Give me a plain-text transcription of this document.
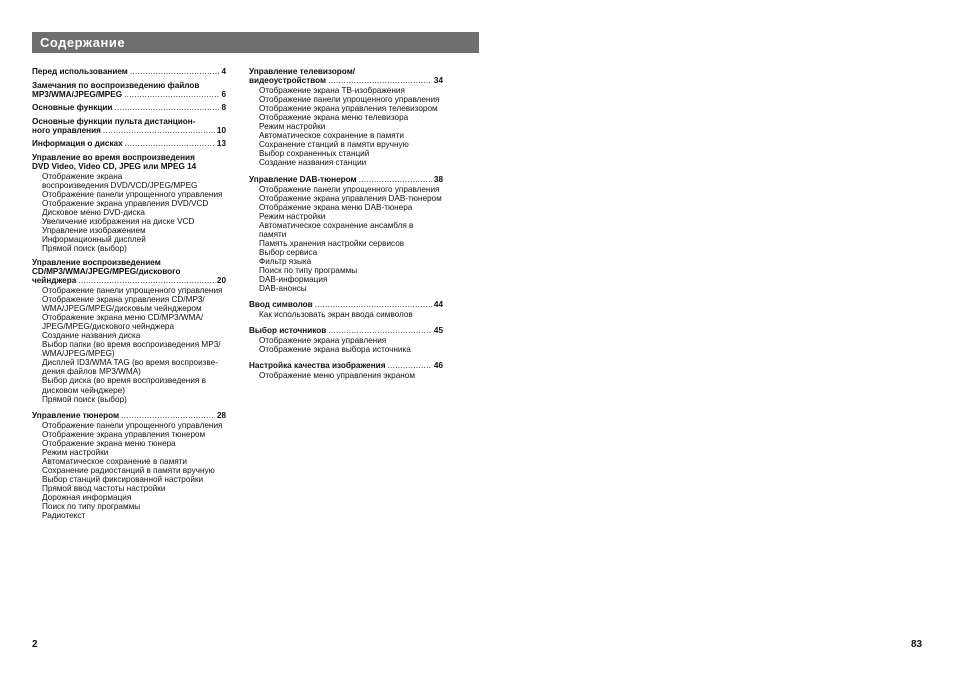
Содержание
Перед использованием .....	4
Замечания по воспроизведению файлов
MP3/WMA/JPEG/MPEG .....	6
Основные функции .....	8
Основные функции пульта дистанцион-
ного управления .....	10
Информация о дисках .....	13
Управление во время воспроизведения
DVD Video, Video CD, JPEG или MPEG 14
Отображение экрана
воспроизведения DVD/VCD/JPEG/MPEG
Отображение панели упрощенного управления
Отображение экрана управления DVD/VCD
Дисковое меню DVD-диска
Увеличение изображения на диске VCD
Управление изображением
Информационный дисплей
Прямой поиск (выбор)
Управление воспроизведением
CD/MP3/WMA/JPEG/MPEG/дискового
чейнджера .....	20
Отображение панели упрощенного управления
Отображение экрана управления CD/MP3/
WMA/JPEG/MPEG/дисковым чейнджером
Отображение экрана меню CD/MP3/WMA/
JPEG/MPEG/дискового чейнджера
Создание названия диска
Выбор папки (во время воспроизведения MP3/
WMA/JPEG/MPEG)
Дисплей ID3/WMA TAG (во время воспроизве-
дения файлов MP3/WMA)
Выбор диска (во время воспроизведения в
дисковом чейнджере)
Прямой поиск (выбор)
Управление тюнером .....	28
Отображение панели упрощенного управления
Отображение экрана управления тюнером
Отображение экрана меню тюнера
Режим настройки
Автоматическое сохранение в памяти
Сохранение радиостанций в памяти вручную
Выбор станций фиксированной настройки
Прямой ввод частоты настройки
Дорожная информация
Поиск по типу программы
Радиотекст
Управление телевизором/
видеоустройством .....	34
Отображение экрана ТВ-изображения
Отображение панели упрощенного управления
Отображение экрана управления телевизором
Отображение экрана меню телевизора
Режим настройки
Автоматическое сохранение в памяти
Сохранение станций в памяти вручную
Выбор сохраненных станций
Создание названия станции
Управление DAB-тюнером .....	38
Отображение панели упрощенного управления
Отображение экрана управления DAB-тюнером
Отображение экрана меню DAB-тюнера
Режим настройки
Автоматическое сохранение ансамбля в
памяти
Память хранения настройки сервисов
Выбор сервиса
Фильтр языка
Поиск по типу программы
DAB-информация
DAB-анонсы
Ввод символов .....	44
Как использовать экран ввода символов
Выбор источников .....	45
Отображение экрана управления
Отображение экрана выбора источника
Настройка качества изображения .....	46
Отображение меню управления экраном
2	83
